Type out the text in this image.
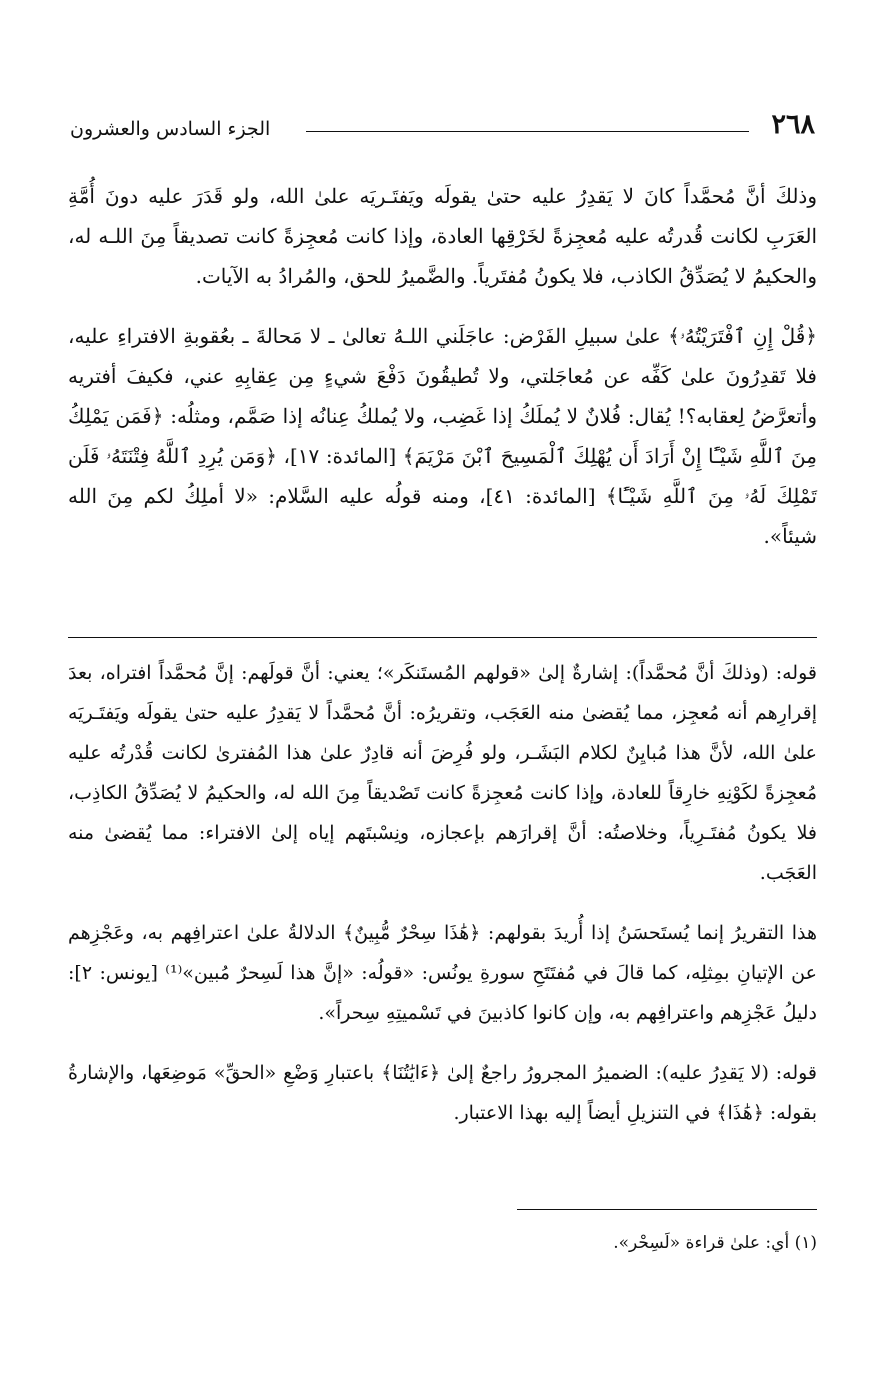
٢٦٨
الجزء السادس والعشرون

وذلكَ أنَّ مُحمَّداً كانَ لا يَقدِرُ عليه حتىٰ يقولَه ويَفتَـريَه علىٰ الله، ولو قَدَرَ عليه دونَ أُمَّةِ العَرَبِ لكانت قُدرتُه عليه مُعجِزةً لخَرْقِها العادة، وإذا كانت مُعجِزةً كانت تصديقاً مِنَ اللـه له، والحكيمُ لا يُصَدِّقُ الكاذب، فلا يكونُ مُفتَرياً. والضَّميرُ للحق، والمُرادُ به الآيات.

﴿قُلْ إِنِ ٱفْتَرَيْتُهُۥ﴾ علىٰ سبيلِ الفَرْض: عاجَلَني اللـهُ تعالىٰ ـ لا مَحالةَ ـ بعُقوبةِ الافتراءِ عليه، فلا تَقدِرُونَ علىٰ كَفِّه عن مُعاجَلتي، ولا تُطيقُونَ دَفْعَ شيءٍ مِن عِقابِهِ عني، فكيفَ أفتريه وأتعرَّضُ لِعقابه؟! يُقال: فُلانٌ لا يُملَكُ إذا غَضِب، ولا يُملكُ عِنانُه إذا صَمَّم، ومثلُه: ﴿فَمَن يَمْلِكُ مِنَ ٱللَّهِ شَيْـًٔا إِنْ أَرَادَ أَن يُهْلِكَ ٱلْمَسِيحَ ٱبْنَ مَرْيَمَ﴾ [المائدة: ١٧]، ﴿وَمَن يُرِدِ ٱللَّهُ فِتْنَتَهُۥ فَلَن تَمْلِكَ لَهُۥ مِنَ ٱللَّهِ شَيْـًٔا﴾ [المائدة: ٤١]، ومنه قولُه عليه السَّلام: «لا أملِكُ لكم مِنَ الله شيئاً».

قوله: (وذلكَ أنَّ مُحمَّداً): إشارةٌ إلىٰ «قولهم المُستَنكَر»؛ يعني: أنَّ قولَهم: إنَّ مُحمَّداً افتراه، بعدَ إقرارِهم أنه مُعجِز، مما يُقضىٰ منه العَجَب، وتقريرُه: أنَّ مُحمَّداً لا يَقدِرُ عليه حتىٰ يقولَه ويَفتَـريَه علىٰ الله، لأنَّ هذا مُبايِنٌ لكلام البَشَـر، ولو فُرِضَ أنه قادِرٌ علىٰ هذا المُفترىٰ لكانت قُدْرتُه عليه مُعجِزةً لكَوْنِهِ خارِقاً للعادة، وإذا كانت مُعجِزةً كانت تَصْديقاً مِنَ الله له، والحكيمُ لا يُصَدِّقُ الكاذِب، فلا يكونُ مُفتَـرِياً، وخلاصتُه: أنَّ إقرارَهم بإعجازه، ونِسْبتَهم إياه إلىٰ الافتراء: مما يُقضىٰ منه العَجَب.

هذا التقريرُ إنما يُستَحسَنُ إذا أُريدَ بقولهم: ﴿هَٰذَا سِحْرٌ مُّبِينٌ﴾ الدلالةُ علىٰ اعترافِهم به، وعَجْزِهم عن الإتيانِ بمِثلِه، كما قالَ في مُفتَتَحِ سورةِ يونُس: «قولُه: «إنَّ هذا لَسِحرٌ مُبين»⁽¹⁾ [يونس: ٢]: دليلُ عَجْزِهم واعترافِهم به، وإن كانوا كاذبينَ في تَسْميتِهِ سِحراً».

قوله: (لا يَقدِرُ عليه): الضميرُ المجرورُ راجعٌ إلىٰ ﴿ءَايَٰتُنَا﴾ باعتبارِ وَضْعِ «الحقِّ» مَوضِعَها، والإشارةُ بقوله: ﴿هَٰذَا﴾ في التنزيلِ أيضاً إليه بهذا الاعتبار.

(١) أي: علىٰ قراءة «لَسِحْر».
